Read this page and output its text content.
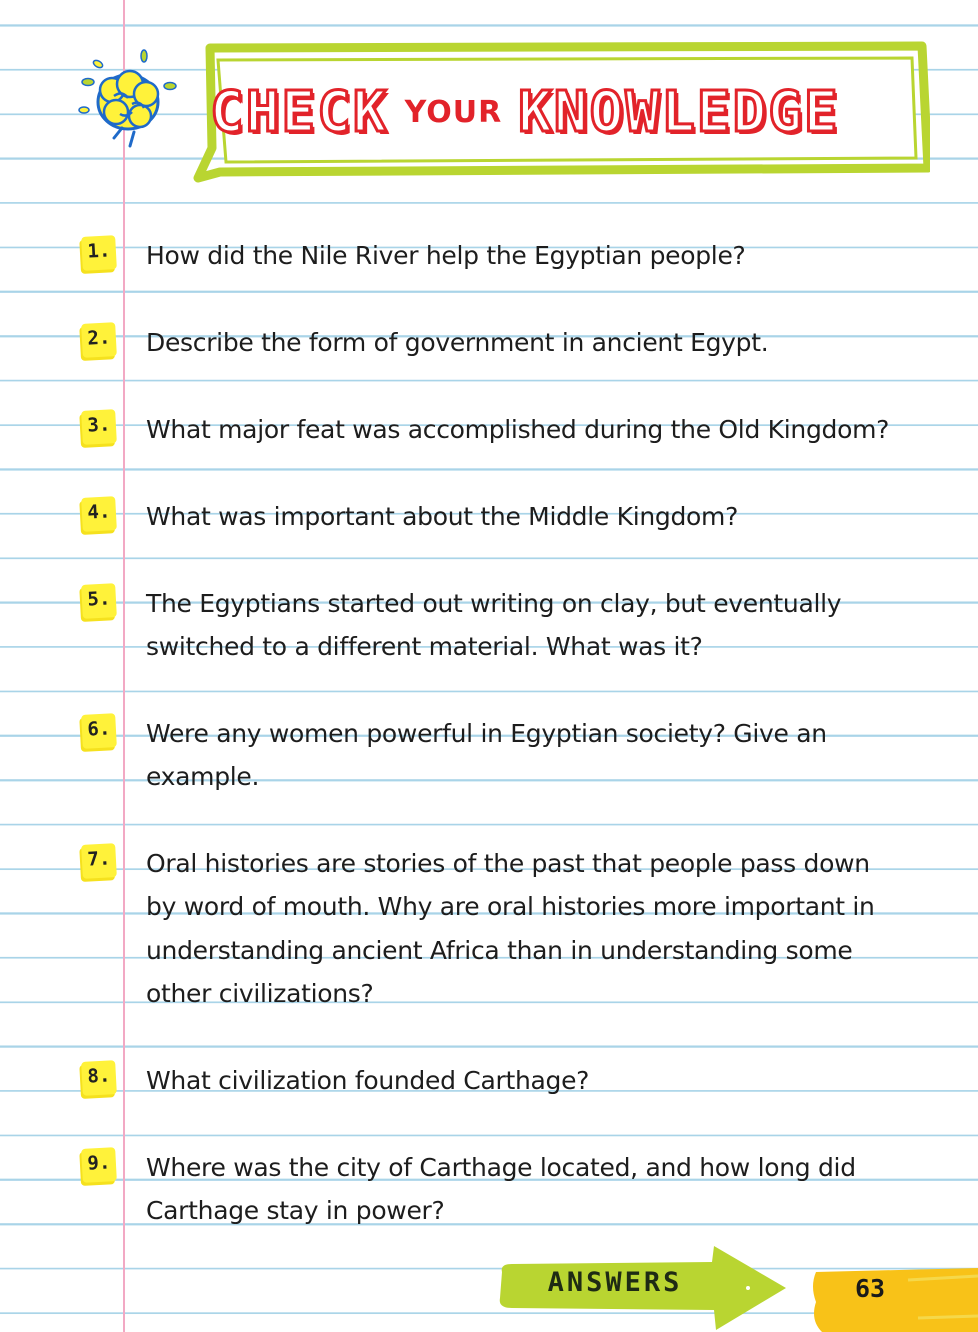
CHECK YOUR KNOWLEDGE
1. How did the Nile River help the Egyptian people?
2. Describe the form of government in ancient Egypt.
3. What major feat was accomplished during the Old Kingdom?
4. What was important about the Middle Kingdom?
5. The Egyptians started out writing on clay, but eventually switched to a different material. What was it?
6. Were any women powerful in Egyptian society? Give an example.
7. Oral histories are stories of the past that people pass down by word of mouth. Why are oral histories more important in understanding ancient Africa than in understanding some other civilizations?
8. What civilization founded Carthage?
9. Where was the city of Carthage located, and how long did Carthage stay in power?
ANSWERS	63
